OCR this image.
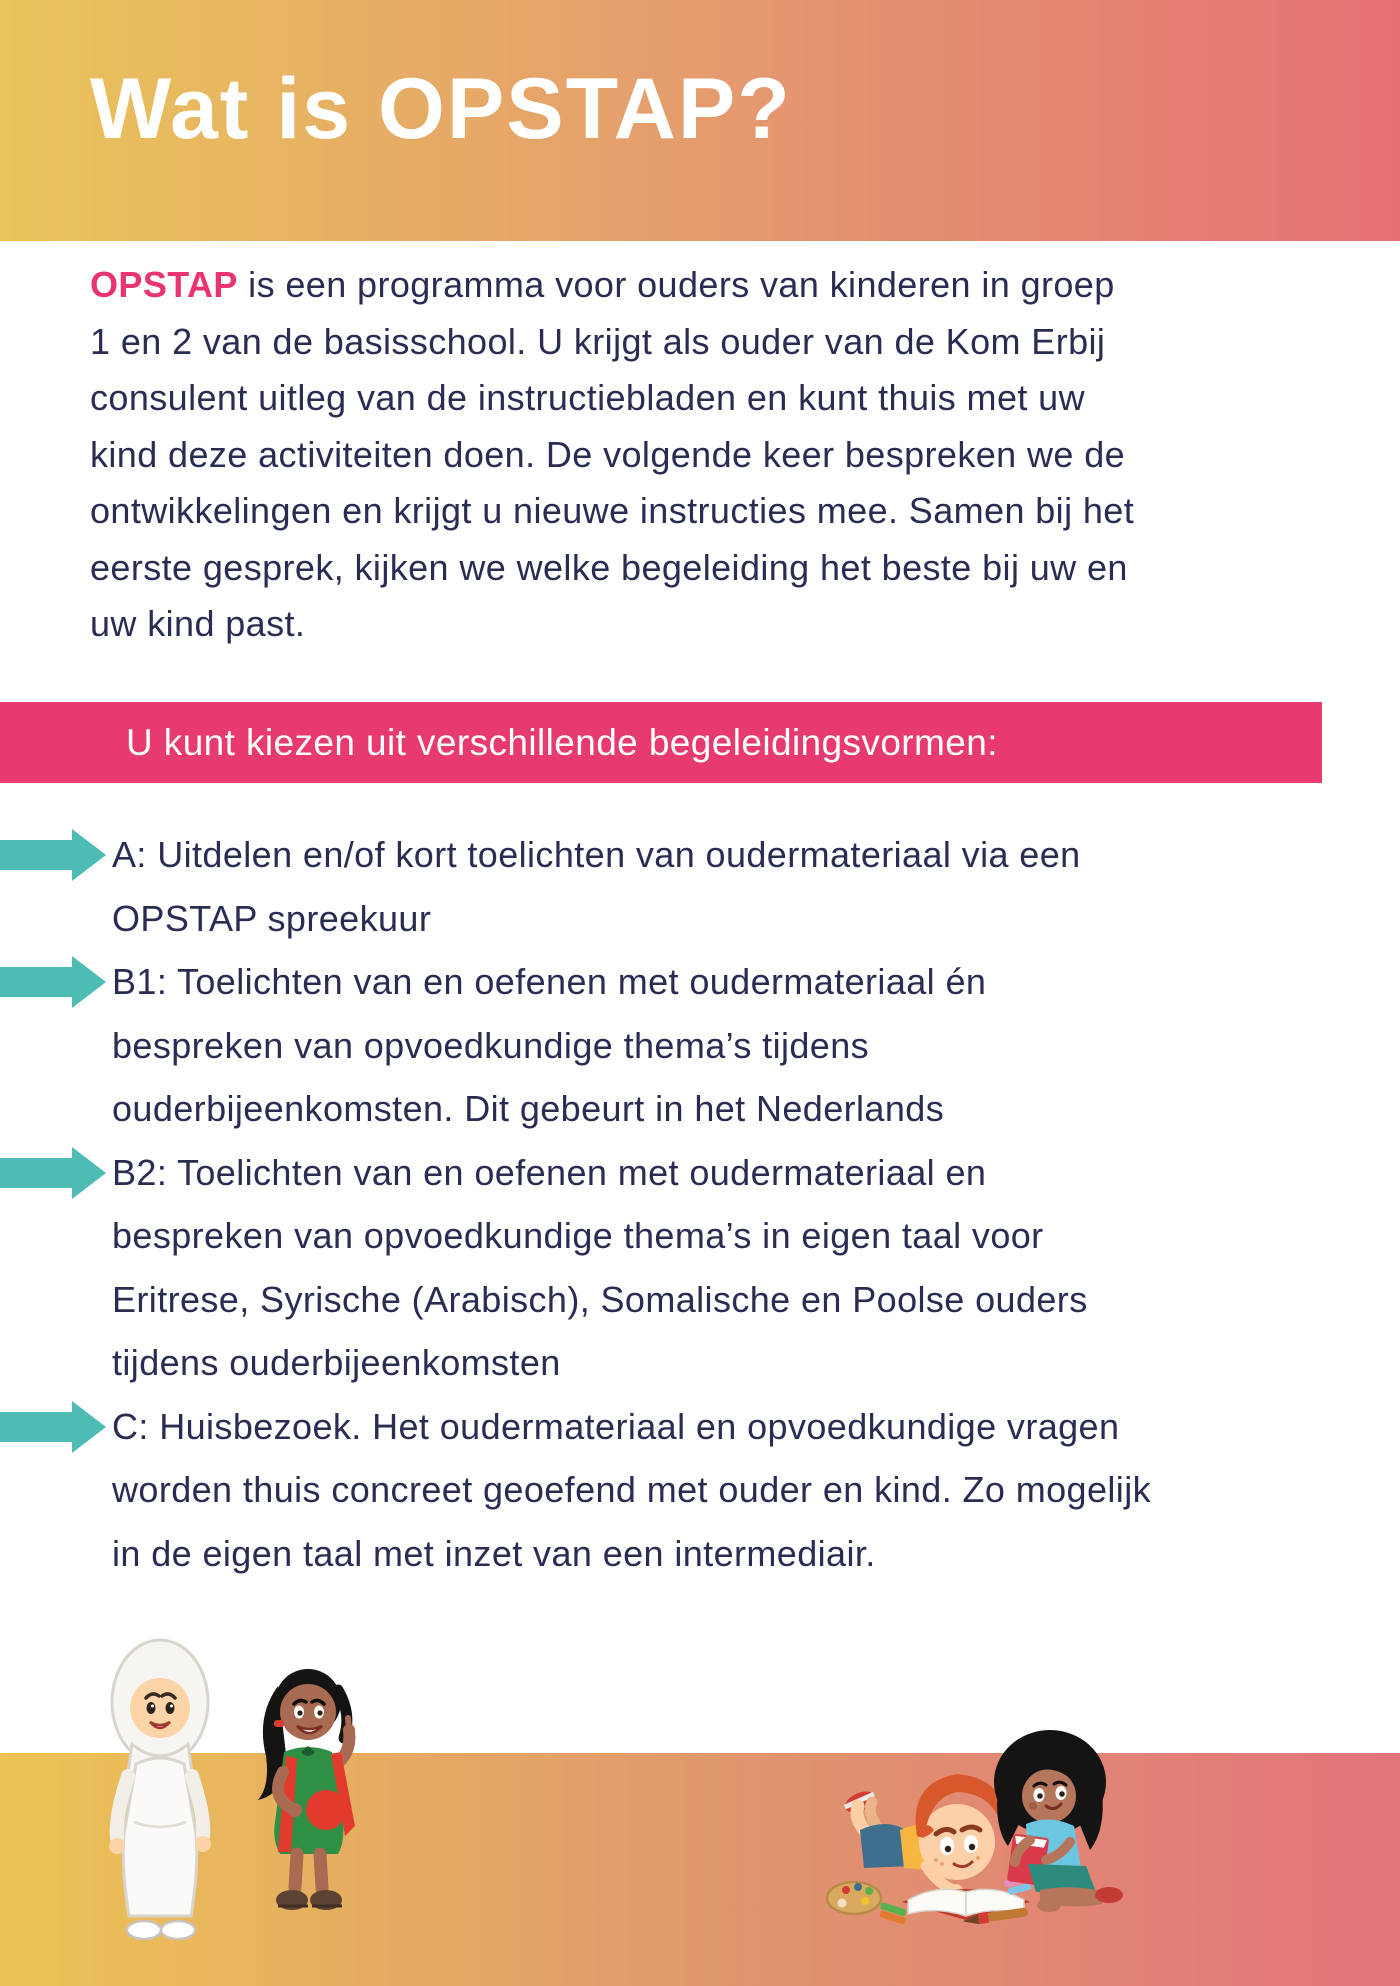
Wat is OPSTAP?
OPSTAP is een programma voor ouders van kinderen in groep
1 en 2 van de basisschool. U krijgt als ouder van de Kom Erbij
consulent uitleg van de instructiebladen en kunt thuis met uw
kind deze activiteiten doen. De volgende keer bespreken we de
ontwikkelingen en krijgt u nieuwe instructies mee. Samen bij het
eerste gesprek, kijken we welke begeleiding het beste bij uw en
uw kind past.
U kunt kiezen uit verschillende begeleidingsvormen:
A: Uitdelen en/of kort toelichten van oudermateriaal via een
OPSTAP spreekuur
B1: Toelichten van en oefenen met oudermateriaal én
bespreken van opvoedkundige thema’s tijdens
ouderbijeenkomsten. Dit gebeurt in het Nederlands
B2: Toelichten van en oefenen met oudermateriaal en
bespreken van opvoedkundige thema’s in eigen taal voor
Eritrese, Syrische (Arabisch), Somalische en Poolse ouders
tijdens ouderbijeenkomsten
C: Huisbezoek. Het oudermateriaal en opvoedkundige vragen
worden thuis concreet geoefend met ouder en kind. Zo mogelijk
in de eigen taal met inzet van een intermediair.
